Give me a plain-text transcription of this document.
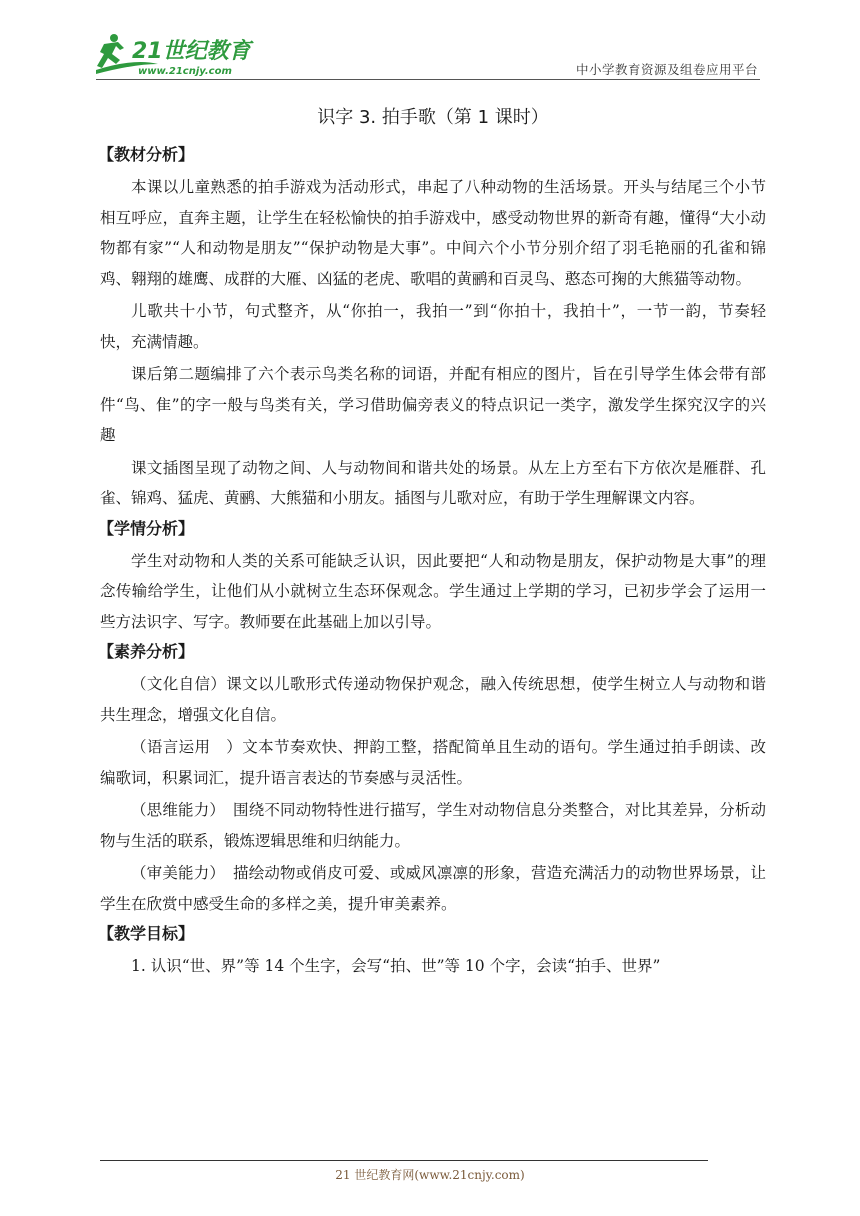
21世纪教育
www.21cnjy.com	中小学教育资源及组卷应用平台
识字 3. 拍手歌（第 1 课时）
【教材分析】

本课以儿童熟悉的拍手游戏为活动形式，串起了八种动物的生活场景。开头与结尾三个小节相互呼应，直奔主题，让学生在轻松愉快的拍手游戏中，感受动物世界的新奇有趣，懂得“大小动物都有家”“人和动物是朋友”“保护动物是大事”。中间六个小节分别介绍了羽毛艳丽的孔雀和锦鸡、翱翔的雄鹰、成群的大雁、凶猛的老虎、歌唱的黄鹂和百灵鸟、憨态可掬的大熊猫等动物。

儿歌共十小节，句式整齐，从“你拍一，我拍一”到“你拍十，我拍十”，一节一韵，节奏轻快，充满情趣。

课后第二题编排了六个表示鸟类名称的词语，并配有相应的图片，旨在引导学生体会带有部件“鸟、隹”的字一般与鸟类有关，学习借助偏旁表义的特点识记一类字，激发学生探究汉字的兴趣

课文插图呈现了动物之间、人与动物间和谐共处的场景。从左上方至右下方依次是雁群、孔雀、锦鸡、猛虎、黄鹂、大熊猫和小朋友。插图与儿歌对应，有助于学生理解课文内容。

【学情分析】

学生对动物和人类的关系可能缺乏认识，因此要把“人和动物是朋友，保护动物是大事”的理念传输给学生，让他们从小就树立生态环保观念。学生通过上学期的学习，已初步学会了运用一些方法识字、写字。教师要在此基础上加以引导。

【素养分析】

（文化自信）课文以儿歌形式传递动物保护观念，融入传统思想，使学生树立人与动物和谐共生理念，增强文化自信。

（语言运用　）文本节奏欢快、押韵工整，搭配简单且生动的语句。学生通过拍手朗读、改编歌词，积累词汇，提升语言表达的节奏感与灵活性。

（思维能力）　围绕不同动物特性进行描写，学生对动物信息分类整合，对比其差异，分析动物与生活的联系，锻炼逻辑思维和归纳能力。

（审美能力）　描绘动物或俏皮可爱、或威风凛凛的形象，营造充满活力的动物世界场景，让学生在欣赏中感受生命的多样之美，提升审美素养。

【教学目标】

1. 认识“世、界”等 14 个生字，会写“拍、世”等 10 个字，会读“拍手、世界”

21 世纪教育网(www.21cnjy.com)
